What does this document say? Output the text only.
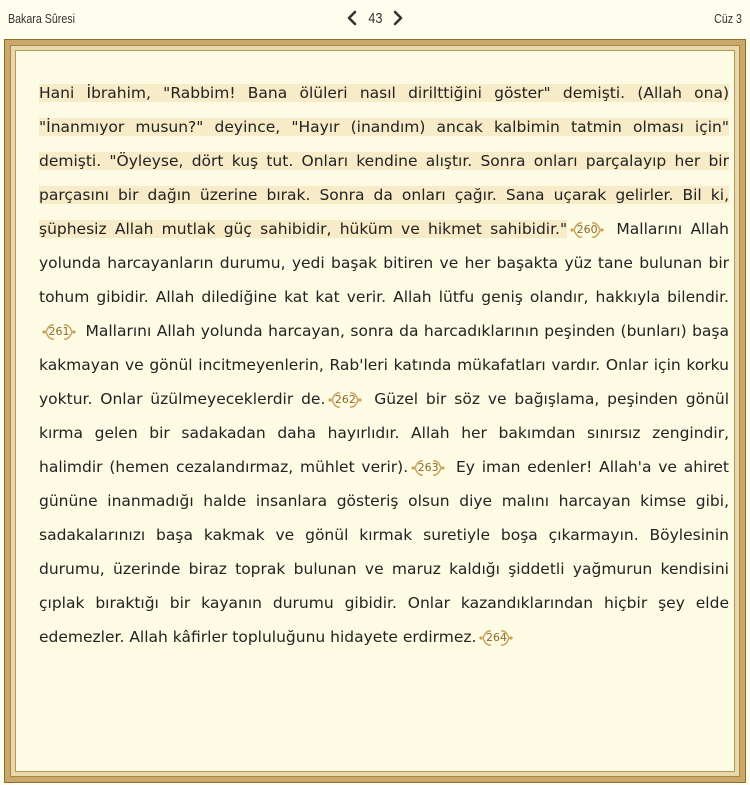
Bakara Sûresi	43	Cüz 3
Hani İbrahim, "Rabbim! Bana ölüleri nasıl dirilttiğini göster" demişti. (Allah ona) "İnanmıyor musun?" deyince, "Hayır (inandım) ancak kalbimin tatmin olması için" demişti. "Öyleyse, dört kuş tut. Onları kendine alıştır. Sonra onları parçalayıp her bir parçasını bir dağın üzerine bırak. Sonra da onları çağır. Sana uçarak gelirler. Bil ki, şüphesiz Allah mutlak güç sahibidir, hüküm ve hikmet sahibidir." 260 Mallarını Allah yolunda harcayanların durumu, yedi başak bitiren ve her başakta yüz tane bulunan bir tohum gibidir. Allah dilediğine kat kat verir. Allah lütfu geniş olandır, hakkıyla bilendir.
261 Mallarını Allah yolunda harcayan, sonra da harcadıklarının peşinden (bunları) başa kakmayan ve gönül incitmeyenlerin, Rab'leri katında mükafatları vardır. Onlar için korku yoktur. Onlar üzülmeyeceklerdir de. 262 Güzel bir söz ve bağışlama, peşinden gönül kırma gelen bir sadakadan daha hayırlıdır. Allah her bakımdan sınırsız zengindir, halimdir (hemen cezalandırmaz, mühlet verir). 263 Ey iman edenler! Allah'a ve ahiret gününe inanmadığı halde insanlara gösteriş olsun diye malını harcayan kimse gibi, sadakalarınızı başa kakmak ve gönül kırmak suretiyle boşa çıkarmayın. Böylesinin durumu, üzerinde biraz toprak bulunan ve maruz kaldığı şiddetli yağmurun kendisini çıplak bıraktığı bir kayanın durumu gibidir. Onlar kazandıklarından hiçbir şey elde edemezler. Allah kâfirler topluluğunu hidayete erdirmez. 264
